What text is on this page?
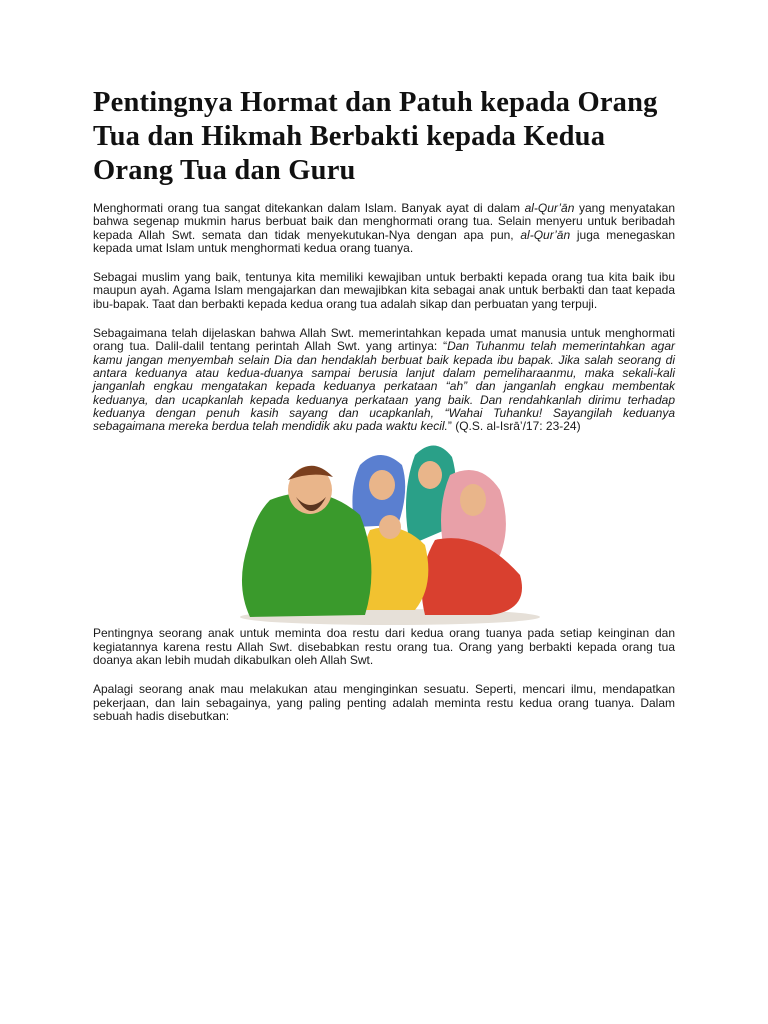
Pentingnya Hormat dan Patuh kepada Orang Tua dan Hikmah Berbakti kepada Kedua Orang Tua dan Guru

Menghormati orang tua sangat ditekankan dalam Islam. Banyak ayat di dalam al-Qur’ān yang menyatakan bahwa segenap mukmin harus berbuat baik dan menghormati orang tua. Selain menyeru untuk beribadah kepada Allah Swt. semata dan tidak menyekutukan-Nya dengan apa pun, al-Qur’ān juga menegaskan kepada umat Islam untuk menghormati kedua orang tuanya.

Sebagai muslim yang baik, tentunya kita memiliki kewajiban untuk berbakti kepada orang tua kita baik ibu maupun ayah. Agama Islam mengajarkan dan mewajibkan kita sebagai anak untuk berbakti dan taat kepada ibu-bapak. Taat dan berbakti kepada kedua orang tua adalah sikap dan perbuatan yang terpuji.

Sebagaimana telah dijelaskan bahwa Allah Swt. memerintahkan kepada umat manusia untuk menghormati orang tua. Dalil-dalil tentang perintah Allah Swt. yang artinya: “Dan Tuhanmu telah memerintahkan agar kamu jangan menyembah selain Dia dan hendaklah berbuat baik kepada ibu bapak. Jika salah seorang di antara keduanya atau kedua-duanya sampai berusia lanjut dalam pemeliharaanmu, maka sekali-kali janganlah engkau mengatakan kepada keduanya perkataan “ah” dan janganlah engkau membentak keduanya, dan ucapkanlah kepada keduanya perkataan yang baik. Dan rendahkanlah dirimu terhadap keduanya dengan penuh kasih sayang dan ucapkanlah, “Wahai Tuhanku! Sayangilah keduanya sebagaimana mereka berdua telah mendidik aku pada waktu kecil.” (Q.S. al-Isrā’/17: 23-24)

Pentingnya seorang anak untuk meminta doa restu dari kedua orang tuanya pada setiap keinginan dan kegiatannya karena restu Allah Swt. disebabkan restu orang tua. Orang yang berbakti kepada orang tua doanya akan lebih mudah dikabulkan oleh Allah Swt.

Apalagi seorang anak mau melakukan atau menginginkan sesuatu. Seperti, mencari ilmu, mendapatkan pekerjaan, dan lain sebagainya, yang paling penting adalah meminta restu kedua orang tuanya. Dalam sebuah hadis disebutkan:
